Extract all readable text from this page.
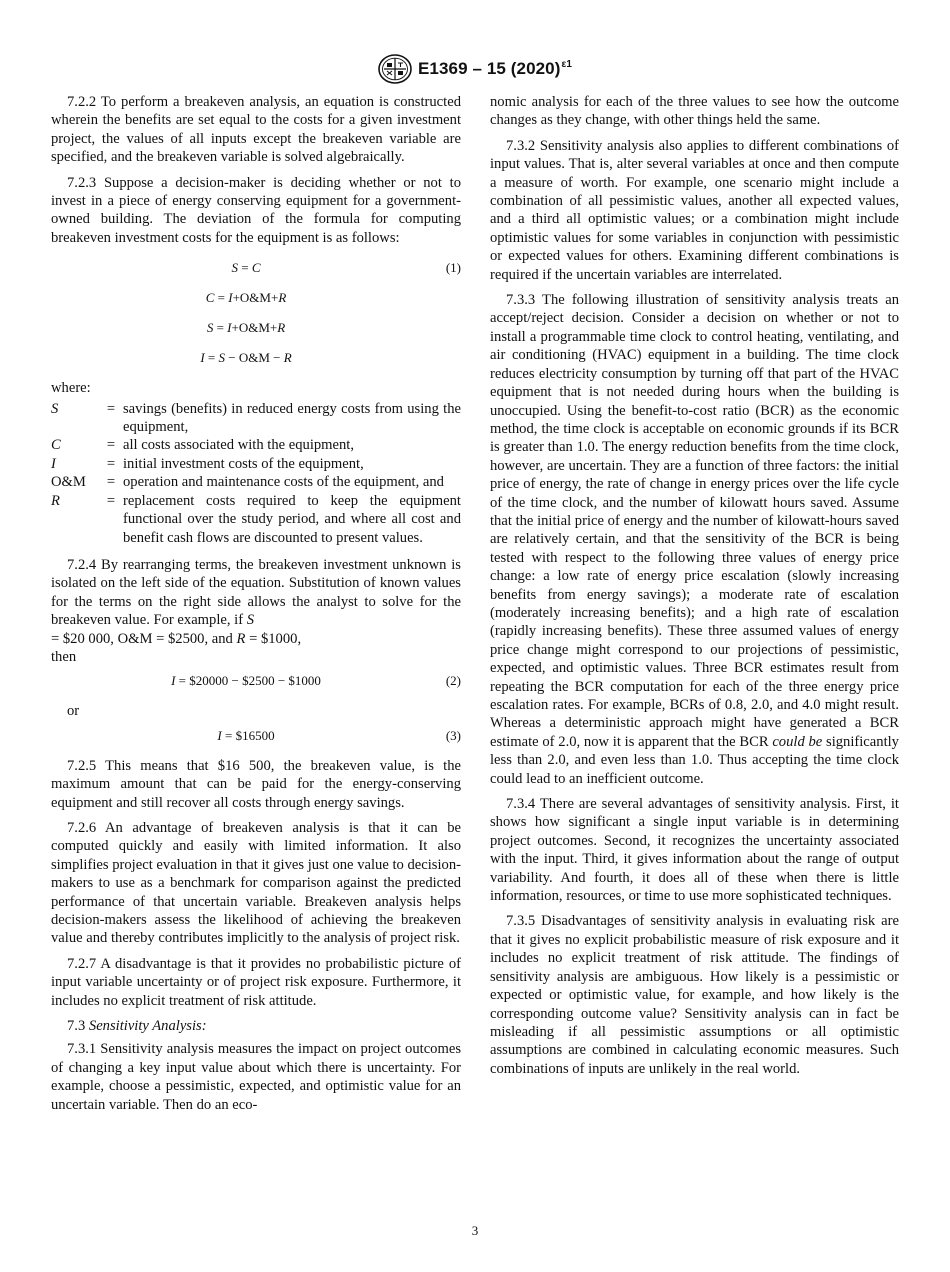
E1369 – 15 $(2020)^{\varepsilon 1}$

7.2.2 To perform a breakeven analysis, an equation is constructed wherein the benefits are set equal to the costs for a given investment project, the values of all inputs except the breakeven variable are specified, and the breakeven variable is solved algebraically.

7.2.3 Suppose a decision-maker is deciding whether or not to invest in a piece of energy conserving equipment for a government-owned building. The deviation of the formula for computing breakeven investment costs for the equipment is as follows:

S = C	(1)
C = I+O&M+R
S = I+O&M+R
I = S − O&M − R
where:
S	=	savings (benefits) in reduced energy costs from using the equipment,
C	=	all costs associated with the equipment,
I	=	initial investment costs of the equipment,
O&M	=	operation and maintenance costs of the equipment, and
R	=	replacement costs required to keep the equipment functional over the study period, and where all cost and benefit cash flows are discounted to present values.

7.2.4 By rearranging terms, the breakeven investment unknown is isolated on the left side of the equation. Substitution of known values for the terms on the right side allows the analyst to solve for the breakeven value. For example, if S
= $20 000, O&M = $2500, and R = $1000,

then
I = $20000 − $2500 − $1000	(2)
or
I = $16500	(3)

7.2.5 This means that $16 500, the breakeven value, is the maximum amount that can be paid for the energy-conserving equipment and still recover all costs through energy savings.

7.2.6 An advantage of breakeven analysis is that it can be computed quickly and easily with limited information. It also simplifies project evaluation in that it gives just one value to decision-makers to use as a benchmark for comparison against the predicted performance of that uncertain variable. Breakeven analysis helps decision-makers assess the likelihood of achieving the breakeven value and thereby contributes implicitly to the analysis of project risk.

7.2.7 A disadvantage is that it provides no probabilistic picture of input variable uncertainty or of project risk exposure. Furthermore, it includes no explicit treatment of risk attitude.

7.3 Sensitivity Analysis:

7.3.1 Sensitivity analysis measures the impact on project outcomes of changing a key input value about which there is uncertainty. For example, choose a pessimistic, expected, and optimistic value for an uncertain variable. Then do an eco-

nomic analysis for each of the three values to see how the outcome changes as they change, with other things held the same.

7.3.2 Sensitivity analysis also applies to different combinations of input values. That is, alter several variables at once and then compute a measure of worth. For example, one scenario might include a combination of all pessimistic values, another all expected values, and a third all optimistic values; or a combination might include optimistic values for some variables in conjunction with pessimistic or expected values for others. Examining different combinations is required if the uncertain variables are interrelated.

7.3.3 The following illustration of sensitivity analysis treats an accept/reject decision. Consider a decision on whether or not to install a programmable time clock to control heating, ventilating, and air conditioning (HVAC) equipment in a building. The time clock reduces electricity consumption by turning off that part of the HVAC equipment that is not needed during hours when the building is unoccupied. Using the benefit-to-cost ratio (BCR) as the economic method, the time clock is acceptable on economic grounds if its BCR is greater than 1.0. The energy reduction benefits from the time clock, however, are uncertain. They are a function of three factors: the initial price of energy, the rate of change in energy prices over the life cycle of the time clock, and the number of kilowatt hours saved. Assume that the initial price of energy and the number of kilowatt-hours saved are relatively certain, and that the sensitivity of the BCR is being tested with respect to the following three values of energy price change: a low rate of energy price escalation (slowly increasing benefits from energy savings); a moderate rate of escalation (moderately increasing benefits); and a high rate of escalation (rapidly increasing benefits). These three assumed values of energy price change might correspond to our projections of pessimistic, expected, and optimistic values. Three BCR estimates result from repeating the BCR computation for each of the three energy price escalation rates. For example, BCRs of 0.8, 2.0, and 4.0 might result. Whereas a deterministic approach might have generated a BCR estimate of 2.0, now it is apparent that the BCR could be significantly less than 2.0, and even less than 1.0. Thus accepting the time clock could lead to an inefficient outcome.

7.3.4 There are several advantages of sensitivity analysis. First, it shows how significant a single input variable is in determining project outcomes. Second, it recognizes the uncertainty associated with the input. Third, it gives information about the range of output variability. And fourth, it does all of these when there is little information, resources, or time to use more sophisticated techniques.

7.3.5 Disadvantages of sensitivity analysis in evaluating risk are that it gives no explicit probabilistic measure of risk exposure and it includes no explicit treatment of risk attitude. The findings of sensitivity analysis are ambiguous. How likely is a pessimistic or expected or optimistic value, for example, and how likely is the corresponding outcome value? Sensitivity analysis can in fact be misleading if all pessimistic assumptions or all optimistic assumptions are combined in calculating economic measures. Such combinations of inputs are unlikely in the real world.

3
